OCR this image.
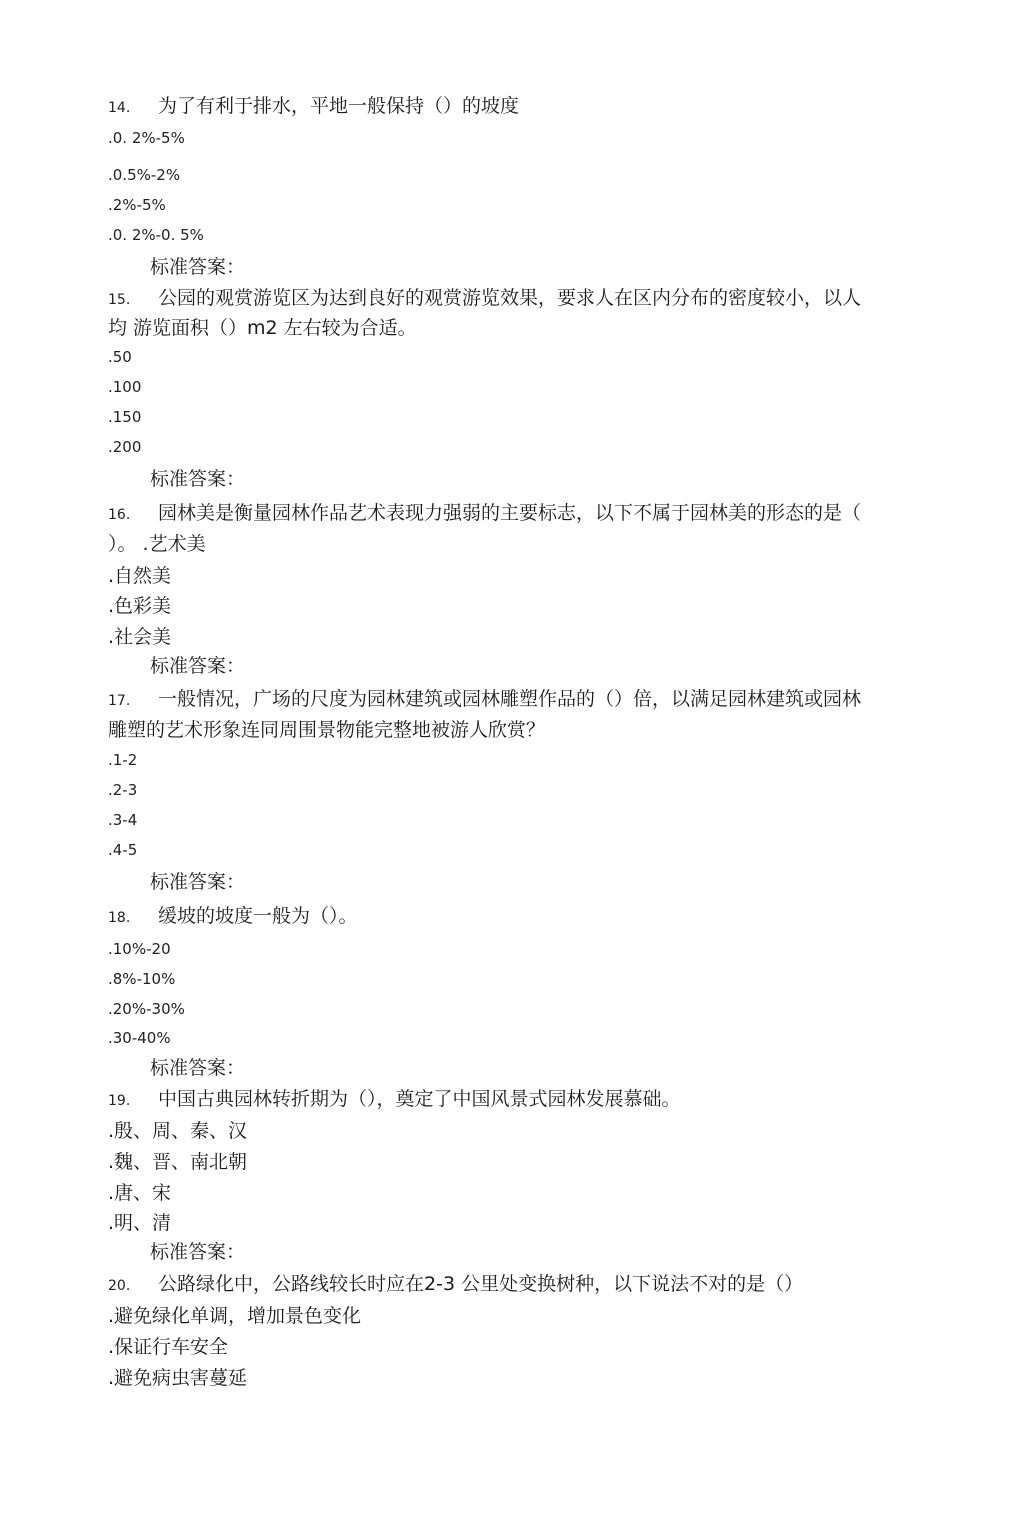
14. 为了有利于排水，平地一般保持（）的坡度
.0. 2%-5%
.0.5%-2%
.2%-5%
.0. 2%-0. 5%
标准答案：
15. 公园的观赏游览区为达到良好的观赏游览效果，要求人在区内分布的密度较小，以人
均 游览面积（）m2 左右较为合适。
.50
.100
.150
.200
标准答案：
16. 园林美是衡量园林作品艺术表现力强弱的主要标志，以下不属于园林美的形态的是（
）。 .艺术美
.自然美
.色彩美
.社会美
标准答案：
17. 一般情况，广场的尺度为园林建筑或园林雕塑作品的（）倍，以满足园林建筑或园林
雕塑的艺术形象连同周围景物能完整地被游人欣赏？
.1-2
.2-3
.3-4
.4-5
标准答案：
18. 缓坡的坡度一般为（）。
.10%-20
.8%-10%
.20%-30%
.30-40%
标准答案：
19. 中国古典园林转折期为（），奠定了中国风景式园林发展慕础。
.殷、周、秦、汉
.魏、晋、南北朝
.唐、宋
.明、清
标准答案：
20. 公路绿化中，公路线较长时应在2-3 公里处变换树种，以下说法不对的是（）
.避免绿化单调，增加景色变化
.保证行车安全
.避免病虫害蔓延
